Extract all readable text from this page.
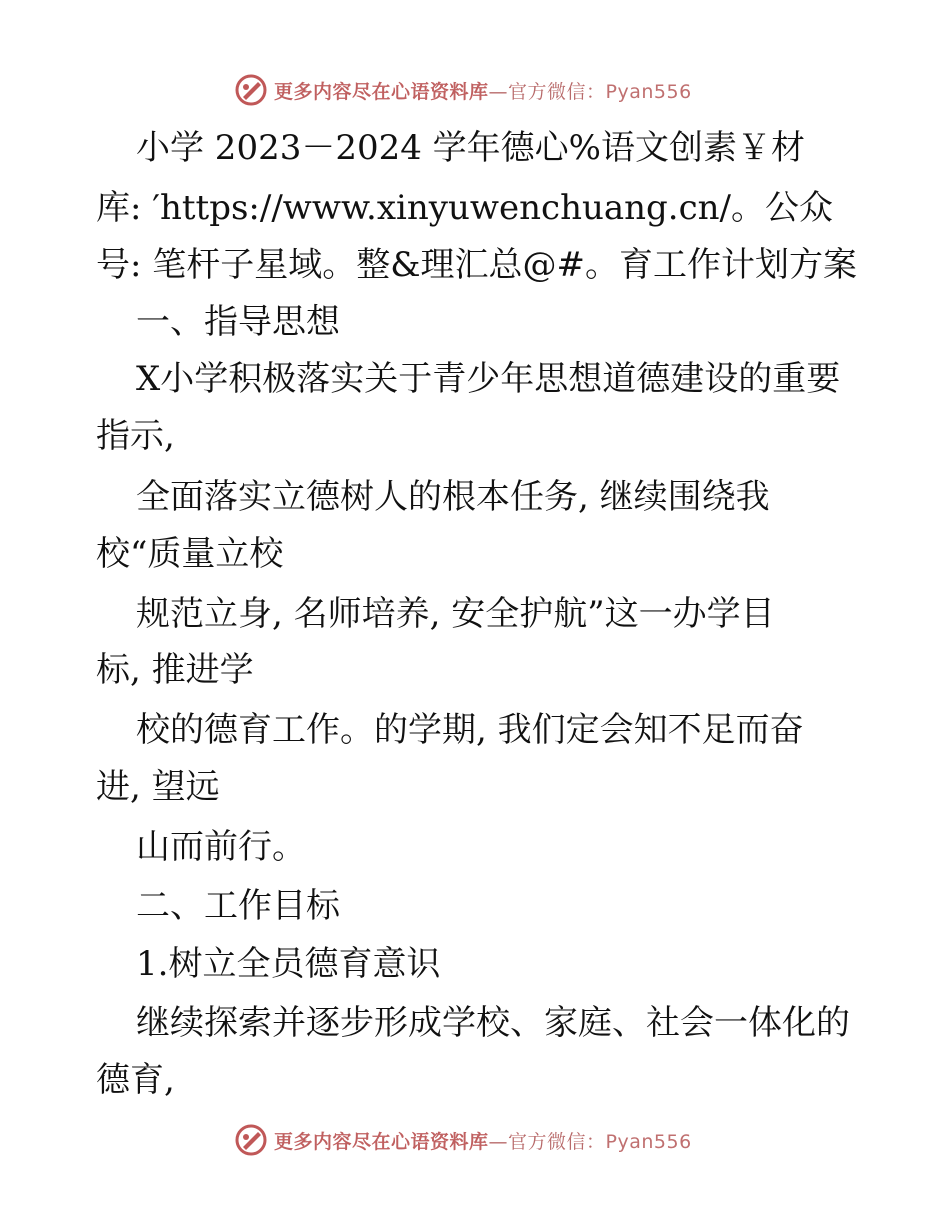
更多内容尽在心语资料库—官方微信：Pyan556
小学 2023－2024 学年德心%语文创素￥材
库: ′https://www.xinyuwenchuang.cn/。公众
号: 笔杆子星域。整&理汇总@#。育工作计划方案
一、指导思想
X小学积极落实关于青少年思想道德建设的重要
指示,
全面落实立德树人的根本任务, 继续围绕我
校“质量立校
规范立身, 名师培养, 安全护航”这一办学目
标, 推进学
校的德育工作。的学期, 我们定会知不足而奋
进, 望远
山而前行。
二、工作目标
1.树立全员德育意识
继续探索并逐步形成学校、家庭、社会一体化的
德育,
更多内容尽在心语资料库—官方微信：Pyan556
